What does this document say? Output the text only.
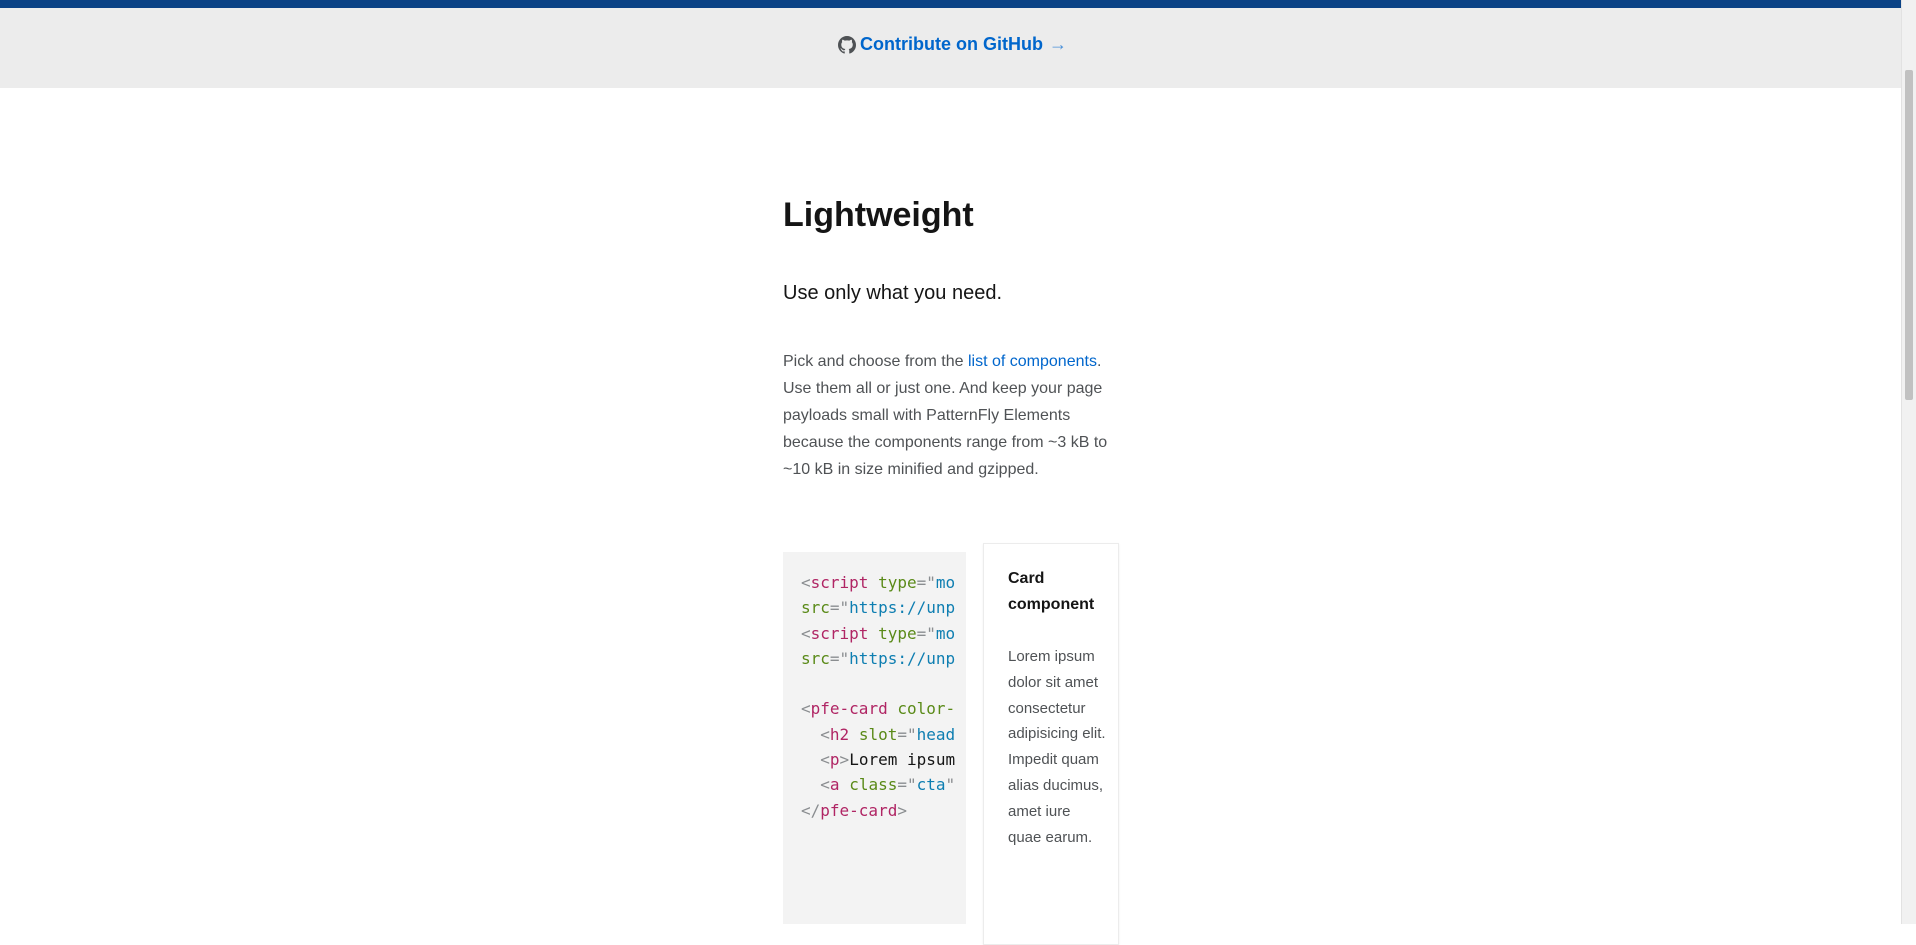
Contribute on GitHub →
Lightweight

Use only what you need.

Pick and choose from the list of components. Use them all or just one. And keep your page payloads small with PatternFly Elements because the components range from ~3 kB to ~10 kB in size minified and gzipped.

<script type="mo
src="https://unp
<script type="mo
src="https://unp
<pfe-card color-
<h2 slot="head
<p>Lorem ipsum
<a class="cta"
</pfe-card>
Card component

Lorem ipsum dolor sit amet consectetur adipisicing elit. Impedit quam alias ducimus, amet iure quae earum.
